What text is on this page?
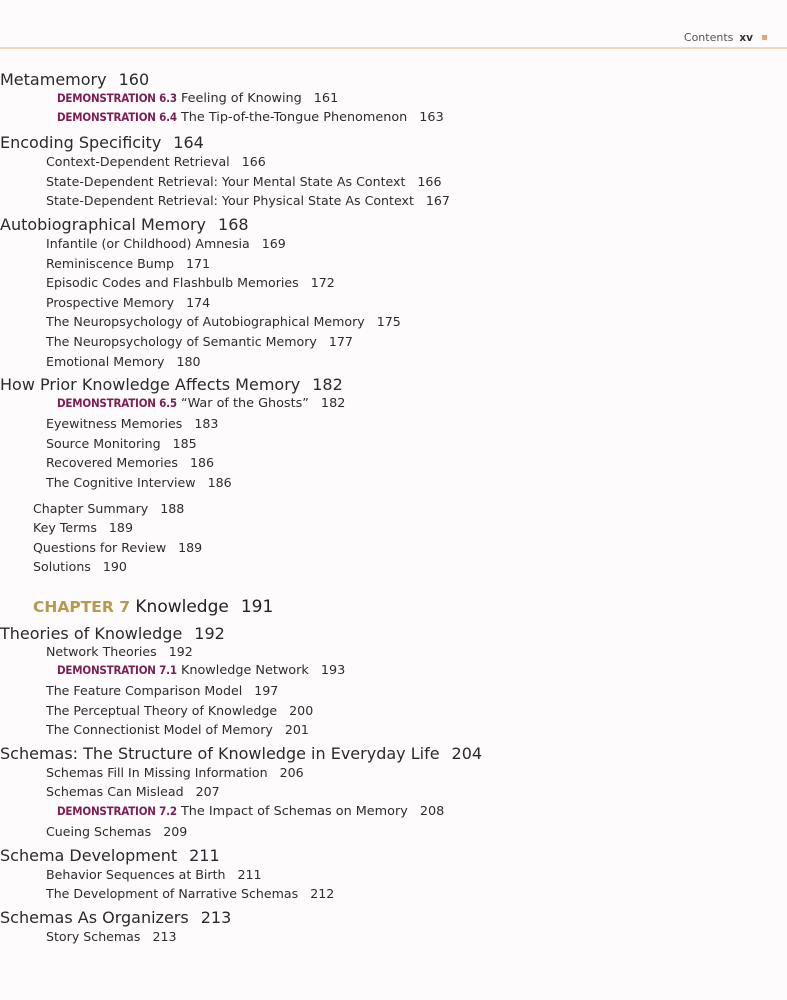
Contents xv
Metamemory 160
DEMONSTRATION 6.3 Feeling of Knowing 161
DEMONSTRATION 6.4 The Tip-of-the-Tongue Phenomenon 163
Encoding Specificity 164
Context-Dependent Retrieval 166
State-Dependent Retrieval: Your Mental State As Context 166
State-Dependent Retrieval: Your Physical State As Context 167
Autobiographical Memory 168
Infantile (or Childhood) Amnesia 169
Reminiscence Bump 171
Episodic Codes and Flashbulb Memories 172
Prospective Memory 174
The Neuropsychology of Autobiographical Memory 175
The Neuropsychology of Semantic Memory 177
Emotional Memory 180
How Prior Knowledge Affects Memory 182
DEMONSTRATION 6.5 “War of the Ghosts” 182
Eyewitness Memories 183
Source Monitoring 185
Recovered Memories 186
The Cognitive Interview 186
Chapter Summary 188
Key Terms 189
Questions for Review 189
Solutions 190
CHAPTER 7 Knowledge 191
Theories of Knowledge 192
Network Theories 192
DEMONSTRATION 7.1 Knowledge Network 193
The Feature Comparison Model 197
The Perceptual Theory of Knowledge 200
The Connectionist Model of Memory 201
Schemas: The Structure of Knowledge in Everyday Life 204
Schemas Fill In Missing Information 206
Schemas Can Mislead 207
DEMONSTRATION 7.2 The Impact of Schemas on Memory 208
Cueing Schemas 209
Schema Development 211
Behavior Sequences at Birth 211
The Development of Narrative Schemas 212
Schemas As Organizers 213
Story Schemas 213
